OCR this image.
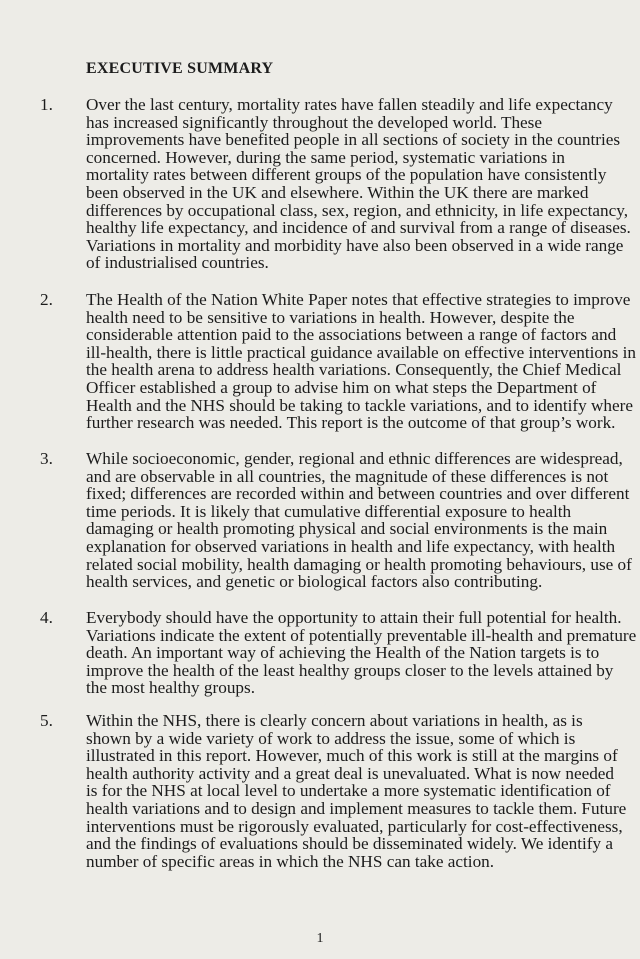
EXECUTIVE SUMMARY
1. Over the last century, mortality rates have fallen steadily and life expectancy
has increased significantly throughout the developed world. These
improvements have benefited people in all sections of society in the countries
concerned. However, during the same period, systematic variations in
mortality rates between different groups of the population have consistently
been observed in the UK and elsewhere. Within the UK there are marked
differences by occupational class, sex, region, and ethnicity, in life expectancy,
healthy life expectancy, and incidence of and survival from a range of diseases.
Variations in mortality and morbidity have also been observed in a wide range
of industrialised countries.
2. The Health of the Nation White Paper notes that effective strategies to improve
health need to be sensitive to variations in health. However, despite the
considerable attention paid to the associations between a range of factors and
ill-health, there is little practical guidance available on effective interventions in
the health arena to address health variations. Consequently, the Chief Medical
Officer established a group to advise him on what steps the Department of
Health and the NHS should be taking to tackle variations, and to identify where
further research was needed. This report is the outcome of that group’s work.
3. While socioeconomic, gender, regional and ethnic differences are widespread,
and are observable in all countries, the magnitude of these differences is not
fixed; differences are recorded within and between countries and over different
time periods. It is likely that cumulative differential exposure to health
damaging or health promoting physical and social environments is the main
explanation for observed variations in health and life expectancy, with health
related social mobility, health damaging or health promoting behaviours, use of
health services, and genetic or biological factors also contributing.
4. Everybody should have the opportunity to attain their full potential for health.
Variations indicate the extent of potentially preventable ill-health and premature
death. An important way of achieving the Health of the Nation targets is to
improve the health of the least healthy groups closer to the levels attained by
the most healthy groups.
5. Within the NHS, there is clearly concern about variations in health, as is
shown by a wide variety of work to address the issue, some of which is
illustrated in this report. However, much of this work is still at the margins of
health authority activity and a great deal is unevaluated. What is now needed
is for the NHS at local level to undertake a more systematic identification of
health variations and to design and implement measures to tackle them. Future
interventions must be rigorously evaluated, particularly for cost-effectiveness,
and the findings of evaluations should be disseminated widely. We identify a
number of specific areas in which the NHS can take action.
1
